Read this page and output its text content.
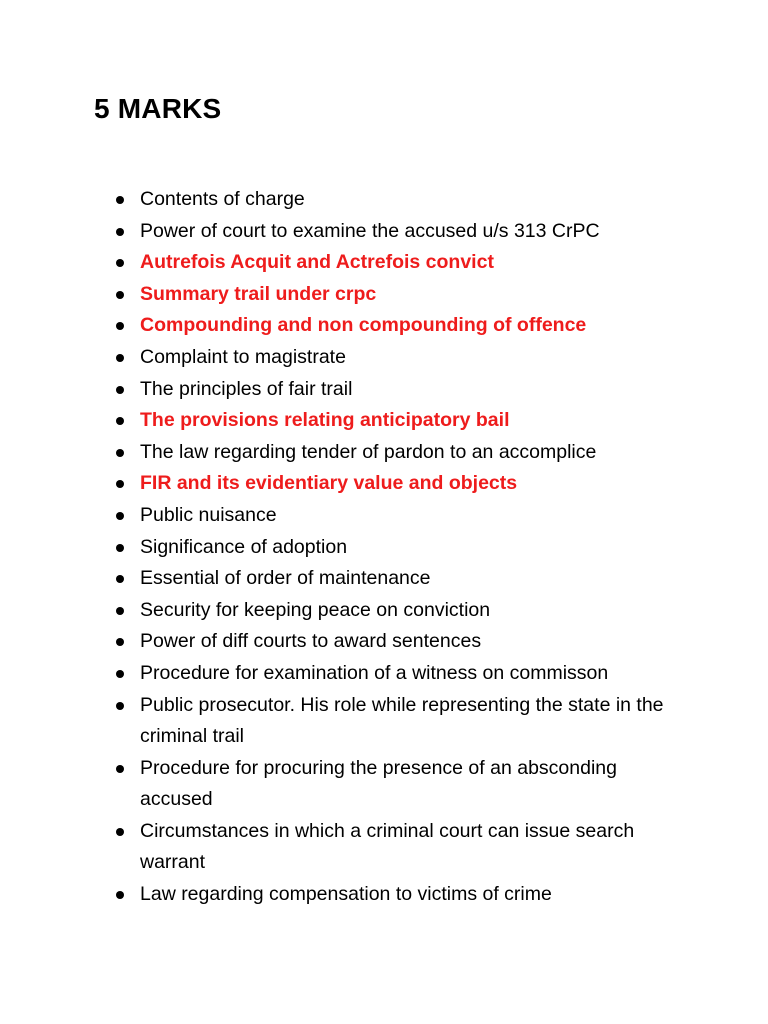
5 MARKS
Contents of charge
Power of court to examine the accused u/s 313 CrPC
Autrefois Acquit and Actrefois convict
Summary trail under crpc
Compounding and non compounding of offence
Complaint to magistrate
The principles of fair trail
The provisions relating anticipatory bail
The law regarding tender of pardon to an accomplice
FIR and its evidentiary value and objects
Public nuisance
Significance of adoption
Essential of order of maintenance
Security for keeping peace on conviction
Power of diff courts to award sentences
Procedure for examination of a witness on commisson
Public prosecutor. His role while representing the state in the criminal trail
Procedure for procuring the presence of an absconding accused
Circumstances in which a criminal court can issue search warrant
Law regarding compensation to victims of crime
